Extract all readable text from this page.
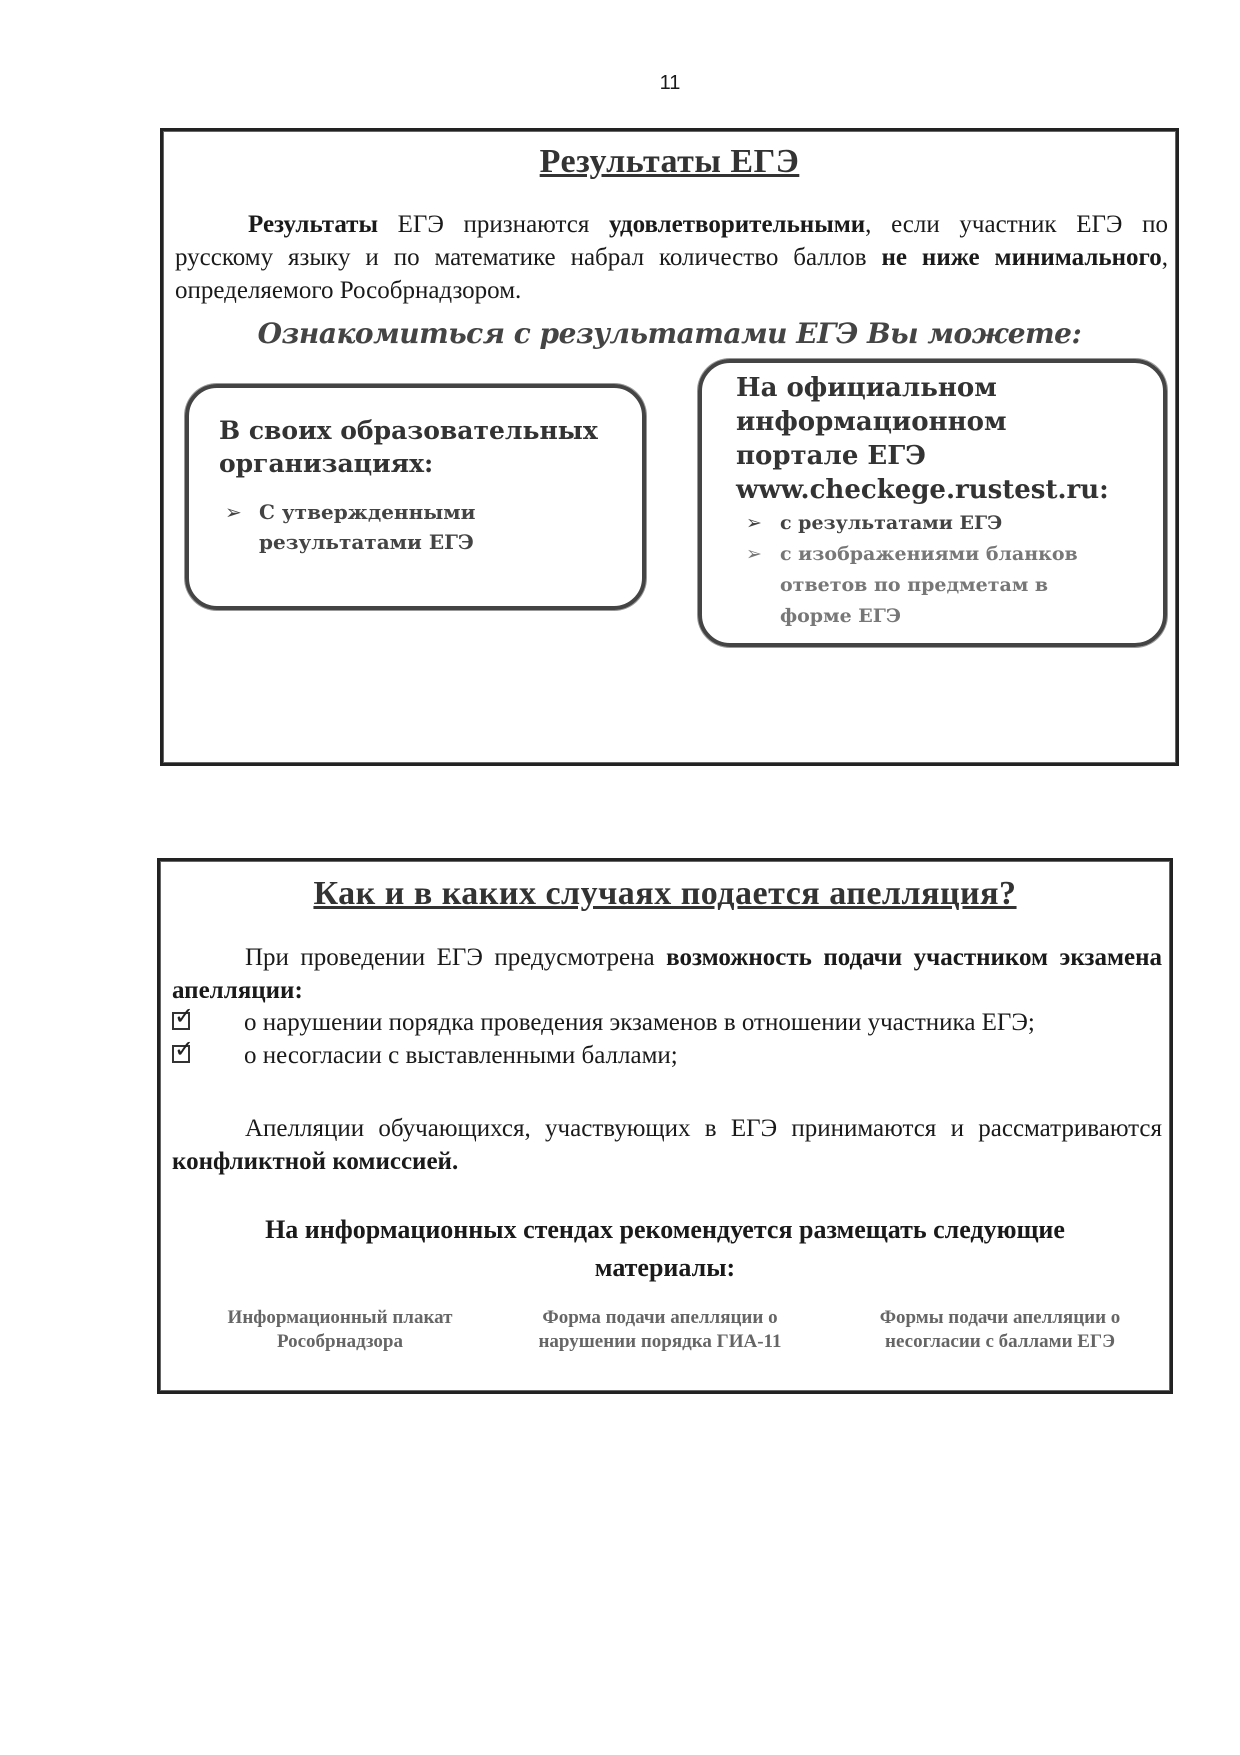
11
Результаты ЕГЭ
Результаты ЕГЭ признаются удовлетворительными, если участник ЕГЭ по русскому языку и по математике набрал количество баллов не ниже минимального, определяемого Рособрнадзором.
Ознакомиться с результатами ЕГЭ Вы можете:
В своих образовательных организациях:
➢ С утвержденными результатами ЕГЭ
На официальном информационном портале ЕГЭ www.checkege.rustest.ru:
➢ с результатами ЕГЭ
➢ с изображениями бланков ответов по предметам в форме ЕГЭ
Как и в каких случаях подается апелляция?
При проведении ЕГЭ предусмотрена возможность подачи участником экзамена апелляции:
✓ о нарушении порядка проведения экзаменов в отношении участника ЕГЭ;
✓ о несогласии с выставленными баллами;
Апелляции обучающихся, участвующих в ЕГЭ принимаются и рассматриваются конфликтной комиссией.
На информационных стендах рекомендуется размещать следующие материалы:
Информационный плакат Рособрнадзора
Форма подачи апелляции о нарушении порядка ГИА-11
Формы подачи апелляции о несогласии с баллами ЕГЭ
